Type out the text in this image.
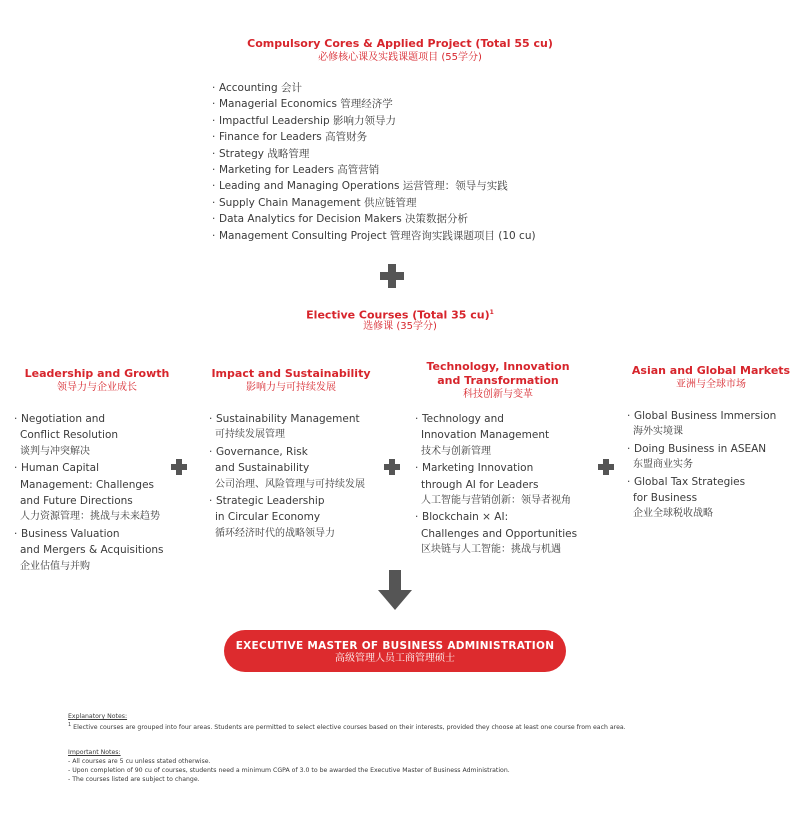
Compulsory Cores & Applied Project (Total 55 cu)
必修核心课及实践课题项目 (55学分)
· Accounting 会计
· Managerial Economics 管理经济学
· Impactful Leadership 影响力领导力
· Finance for Leaders 高管财务
· Strategy 战略管理
· Marketing for Leaders 高管营销
· Leading and Managing Operations 运营管理：领导与实践
· Supply Chain Management 供应链管理
· Data Analytics for Decision Makers 决策数据分析
· Management Consulting Project 管理咨询实践课题项目 (10 cu)
Elective Courses (Total 35 cu)$^1$
选修课 (35学分)
Leadership and Growth
领导力与企业成长
· Negotiation and
Conflict Resolution
谈判与冲突解决
· Human Capital
Management: Challenges
and Future Directions
人力资源管理：挑战与未来趋势
· Business Valuation
and Mergers & Acquisitions
企业估值与并购
Impact and Sustainability
影响力与可持续发展
· Sustainability Management
可持续发展管理
· Governance, Risk
and Sustainability
公司治理、风险管理与可持续发展
· Strategic Leadership
in Circular Economy
循环经济时代的战略领导力
Technology, Innovation
and Transformation
科技创新与变革
· Technology and
Innovation Management
技术与创新管理
· Marketing Innovation
through AI for Leaders
人工智能与营销创新：领导者视角
· Blockchain × AI:
Challenges and Opportunities
区块链与人工智能：挑战与机遇
Asian and Global Markets
亚洲与全球市场
· Global Business Immersion
海外实境课
· Doing Business in ASEAN
东盟商业实务
· Global Tax Strategies
for Business
企业全球税收战略
EXECUTIVE MASTER OF BUSINESS ADMINISTRATION
高级管理人员工商管理硕士
Explanatory Notes:
$^1$ Elective courses are grouped into four areas. Students are permitted to select elective courses based on their interests, provided they choose at least one course from each area.
Important Notes:
- All courses are 5 cu unless stated otherwise.
- Upon completion of 90 cu of courses, students need a minimum CGPA of 3.0 to be awarded the Executive Master of Business Administration.
- The courses listed are subject to change.
